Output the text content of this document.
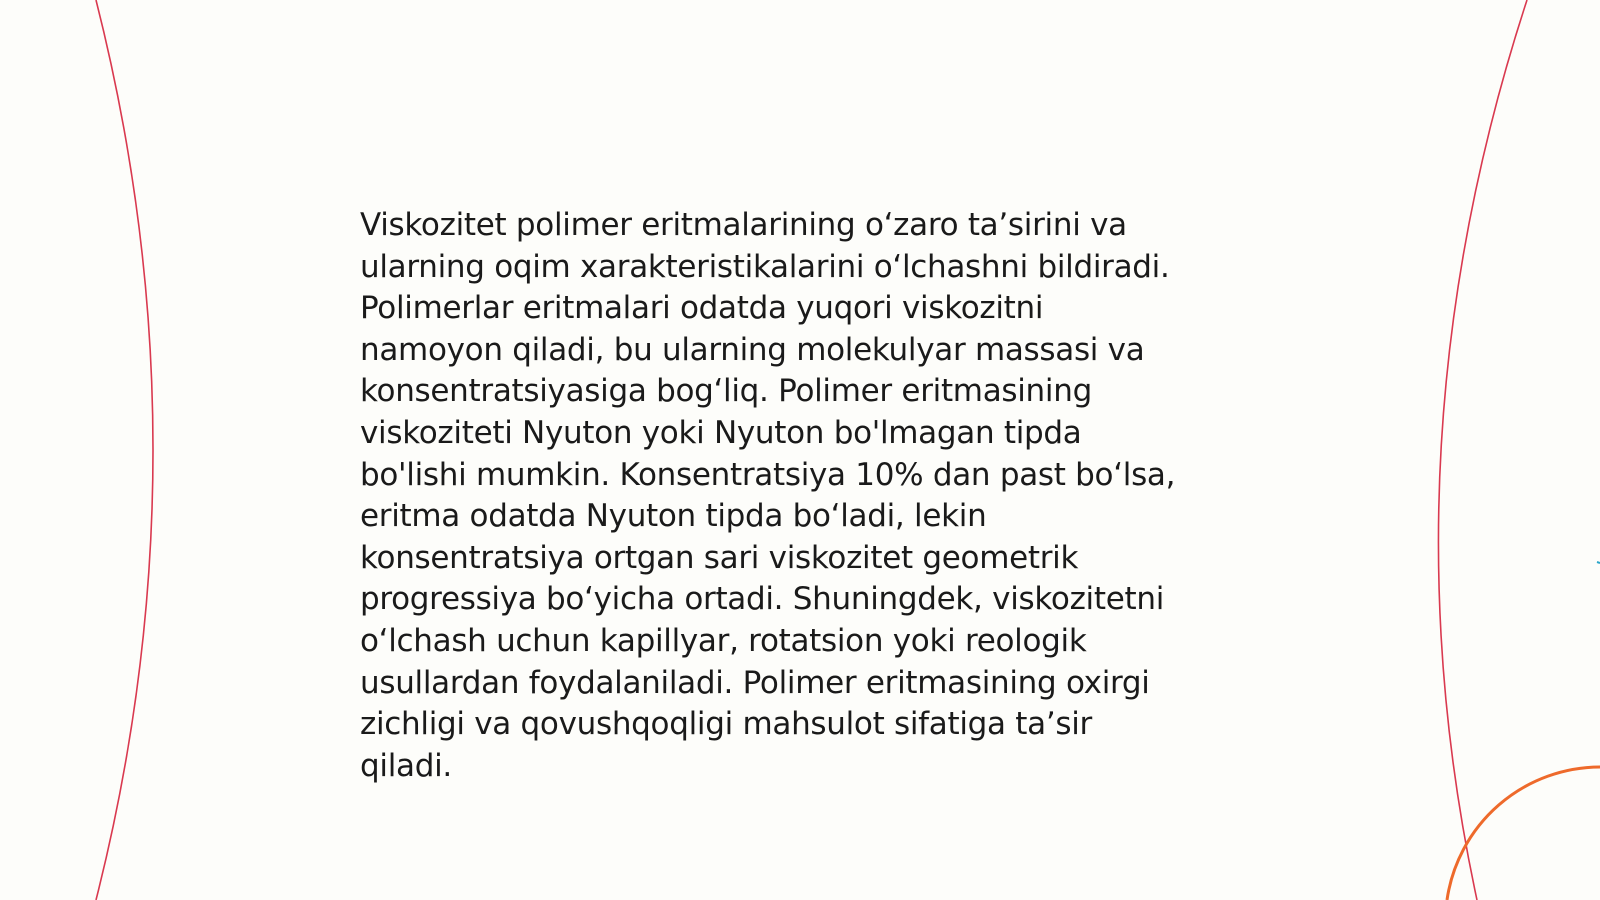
Viskozitet polimer eritmalarining o‘zaro ta’sirini va
ularning oqim xarakteristikalarini o‘lchashni bildiradi.
Polimerlar eritmalari odatda yuqori viskozitni
namoyon qiladi, bu ularning molekulyar massasi va
konsentratsiyasiga bog‘liq. Polimer eritmasining
viskoziteti Nyuton yoki Nyuton bo'lmagan tipda
bo'lishi mumkin. Konsentratsiya 10% dan past bo‘lsa,
eritma odatda Nyuton tipda bo‘ladi, lekin
konsentratsiya ortgan sari viskozitet geometrik
progressiya bo‘yicha ortadi. Shuningdek, viskozitetni
o‘lchash uchun kapillyar, rotatsion yoki reologik
usullardan foydalaniladi. Polimer eritmasining oxirgi
zichligi va qovushqoqligi mahsulot sifatiga ta’sir
qiladi.
